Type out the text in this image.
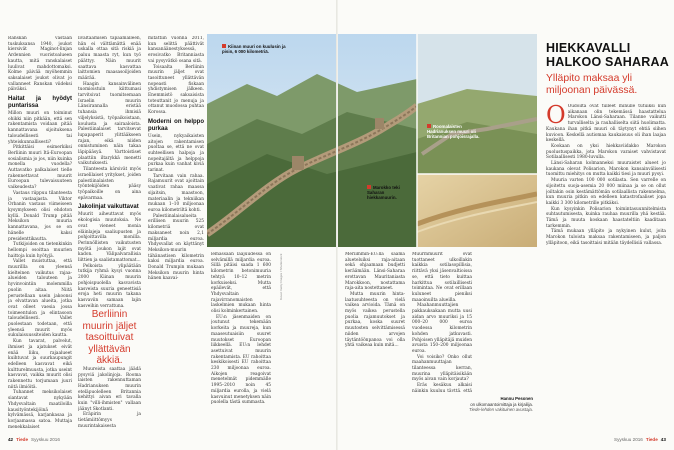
Ranskan vastaan tuskuksansa 1940, joukot kiersivät Maginot-linjan Ardennien vuoristoalueen kautta, mitä ranskalaiset luulivat mahdottomaksi. Kolme päivää myöhemmin saksalaiset joukot olivat jo vallanneet Ranskan viideksi päiväksi.

Haitat ja hyödyt puntarissa

Millon muuri on toiminut ohikki niin pitkään, että sen rakentamista voidaan pitää kannattavana sijoituksena taloudellisesti tai yhteiskunnallisesti?

Pitkittäisi esimerkiksi Berliinin muuri Itä-Euroopan sosialismia jo jos, niin kuinka monella vuodella? Auttavatko palkalaiset tielle rakennettavat muurit Euroopan tulevaisuuteen vaikeudesta?

Vastaus riippuu tilanteesta ja vastaajasta. Viktor Orbanin vastaus viimeiseen kysymykseen olisi ehdoton kyllä. Donald Trump pitää Meksikon muuria kannattavana, jos se on hänelle kaksi presidenttikautta.

Tutkijoiden on tietenkinkin hellompi osoittaa muurien haittoja kuin hyötyjä.

Vallet muistuttaa, että muurillla on yleensä kielteinen vaikutus rajaa-alueiden talouteen ja hyvinvointiin molemmilla puolin aitaa. Niitä perustellaan usein jakoonsi ja elvattavan alueita, jotka ovat olleet vaesia jossa toimeentulon ja elintasoon taloudellisesti. Vallet puolestaan todetaan, että yleensä muurit myös sukulaisuussiteiden kautta.

Kun tavarat, palvelut, ihmiset ja ajatukset eivät enää liiku, rajaalueet kuihtuvat ja suurkaupungit edelleen kasvavat eikä kultturelmuusta, jotka useint kasvavat, vaikka muurit olisi rakennettu torjumaan juuri niitä ilmiöitä.

Tuhannet meksikolaiset siantavat nykyään Yhdysvaltain maatiloilla kausityöntekijöinä kylvämässä, karjankasaa ja korjaamassa satoa. Muttaja menekkalaiset

livaltaamisen tapaamalleen, hän ei välttämättä enää uskalla ottaa sitä riskiä ja paluu maasta ryt, kun työ päättyy. Näin muurit saattava kasvattaa laittomien maasasoiljoiden määrää.

Haagin kansainvälinen tuomioistuin kiittumasi tarvitsivat tuomitsemaan Israelin muurin Länsirannalla eristää tuhansia ihmisiä viljelyksistä, työpaikoistaan, koulusta ja sairaaloista. Palestiinalaiset tarvitsevat lupapaperit ylittääkseen rajan, eikä niiden onnistuminen näin takaa läpipääsyä. Varttoistiset plaattiin iltarykkä menetti vaikutuksesti.

Tilanteesta kärsivät myös israelilaiset yritykset, joiden palestiinalaisten työntekijöiden pääsy työpaikoille on aina epävarmaa.

Jakolinjat vaikuttavat

Muurit aiheuttavat myös ekologisia muutoksia. Ne ovat vieneet monia eläinlajeja saaliupusten ja pohjoittavilla monilla. Perinnöllisten vaikutusten myötä joukon lajit ovat kadon. Välipalvarallisia liittien ja saalistamattomat...

Pelkoista ylipäätään tutkija ryhmä kysyi vuonna 2000 Kiinan muurin pohjoispuolella kasvavista kasveista suuria geneettisiä eroja heti muurin takana kasvaviin samaan lajin kasveihin verrattuna.

Berliinin muurin jäljet tasoittuivat yllättävän äkkiä.

Muureista saattaa jäädä pysyviä jakolinjoja. Rooma laisten rakennuttaman Hadrianuksen muurin eteläpuolelleen Britannia kehittyi aivan eri tavalla kuin "villi-ihmisten" vallaan jäänyt Skotlanti.

Eräpirin ja tietämiittömyys muurintakaisesta

mitattiin vuonna 2011, kun selittä päättivät kansanäänestyksessä, erosivatko Britanniasta vai pysyvätkö osana sitä.

Toisaalta Berliinin muurin jäljet ovat tasoittuneet yllättävän nopeasti fiskaan yhdistymisen jälkeen. Enemmistö saksaisista toteuttanit jo menuja ja ottanut muodossa puhtaa Korossa.

Moderni on helppo purkaa

Usein, nykyaikaisten aitojen rakentamisen puoltaa se, että ne ovat suhteellisen halpoja ja nopeitajältä ja helppoja purkaa kuin vanhat kiviä tarinat.

Tarvitaan vain rahaa. Rajamuurit ovat ajoittain vaativat rahaa maassa sijaitsin, maastoon, materiaalin ja tekniikan mukaan 1–10 miljoonaa euroa kilometriltä kohti.

Palestiinalaisalueita erillisen muurin 525 kilometriä ovat maksaneet noin 2,1 miljardia euroa. Yhdysvallat on käyttänyt Meksikon-muurin tähänastisen kilometrin kaksi miljardia euroa. Donald Trumpin mukaan Meksikon muurin hinta hänen kaavai-

Kiinan muuri on kuulusin ja pisin, 6 000 kilometriä.
Roomalaisten Hadrianuksen muuri oli Britannian pohjoisrajalla.
Marokko teki Saharan hiekkamuurin.
Kuvat: Getty Images / Shutterstock

lemassaan laajuudessa on selvämillä miljardia euroa. Sillä pitäisi saada 1 600 kilometrin betonimuuria tehtyä 10–12 metrin korkuiseksi. Mutta epäilevät, että Yhdysvaltain rajavirranomaisten laskelmien mukaan hinta olisi kolminkertainen.

EU:n jäsenmaiden on joutunut tekemään korkeita ja muureja, kun maaseutuaisiin suuret muutokset Euroopan liikkeellä. EU:n lehdet asettuivat muurin rakentamista. EU rahoittaa keskikoisesti EU rahoittaa 230 miljoonaa euroa. Aikojen reagoivat menetelmät pidemmälle 1995–2010 noin 45 miljardia eurolla, ja vielä kasvuinut menetyksen näin puolella tästä summasta.

Meriimmin-EU:lla saama alueteluiksi raja-aitaan sekä ohjaamaan budjetti keräämään. Länsi-Saharaa erottavan Mauritaniasta Marokkoon, nostattama raja-aita nostettaneet.

Mutta muurin hinta-laatusuhteesta on vielä vaikea arvioida. Tämä on myös vaikea perustella puolia rajamuutokset ja purkaa, koska suuret muutosten selvittämisessä niiden arvojen täytäntöönpanoa voi olla yhtä vaikeaa kuin mitä...

Muurmmuurit ovat tuottaneet ulkoillakin kaikkia sotilasopillisia, riittävä yksi jäsenvaltioissa se, että tieto kuittaa harkittua sotilaillisesti toimintaa. Ne ovat erillaan kuluneet pieniksi maaoinuilta alueilla.

Maahanmuuttajien pakkauksakaan mutta uusi aidan arvo muuriksi ja 15 000–20 000 euroa vuodessa kilometrin kohden jatkuvasti. Pohjoisen ylläpitäjä muiden avuista 150–200 miljoonaa euroa.

Voi voisiko? Onko ollut maahanmuuttajan tilanteessa kerran, muurina ylläpitäisikään myös aivan vain korjauta?

Eräs kesäkuu alkaisi näinkin kuuluu täyttä, että

Hannu Pesonen
on ulkomaantoimittaja ja kirjailija.
Tiede-lehden vakituinen avustaja.
HIEKKAVALLI HALKOO SAHARAA
Ylläpito maksaa yli miljoonan päivässä.

O Oudoilta ovat tulleet minulle tutuiksi kun aikanaan olin tekemässä haastattelua Marokon Länsi-Saharaan. Tilanne vaikutti turvalliselta ja rauhalliselta siitä huolimatta. Kaukana ihan pitkä muuri oli täytynyt ehtiä siihen kuvioon. Keskellä autiomaa kaukaisuus oli ihan laajaa keskellä.

Kookaan on yksi hiekkaviidakko Marokon puolustuspaikka, jota Marokon varaiset vahvistavat Sotilaallisesti 1980-luvulla.

Länsi-Saharan kolmanneksi muuraistet alueet jo kaukana olevat Polisarion, Marokon kansainvälisesti tuomittu miehitys on mutta kaikki tiesi ja muuri pysyi.

Muuria varten 100 000 sotilasta. Sen varrelle on sijoitettu suoja-asemia 20 000 miinaa ja se on ollut joiltakin osin kestämättömän sotilaallista rakennelma, kun muuria pitkin on edelleen katastrofaaliset jopa kaikki 3 300 kilometrille pitkäksi.

Kun kysyinkin Polisarion toimintasuunnitelmista suhtautumisesta, kuinka rauhaa muurilla yhä kestää. Tämä ja muuta koskaan haastateltiin kaaditaan tarkemmin.

Tämä mukaan ylläpito ja nykyinen kulut, joita Marokon tuloista maksaa rakentamiseen, ja paljon ylläpitoon, eikä tasoittaisi mitään täydellisiä vallassa.

42 Tiede Syyskuu 2016	Syyskuu 2016 Tiede 43
